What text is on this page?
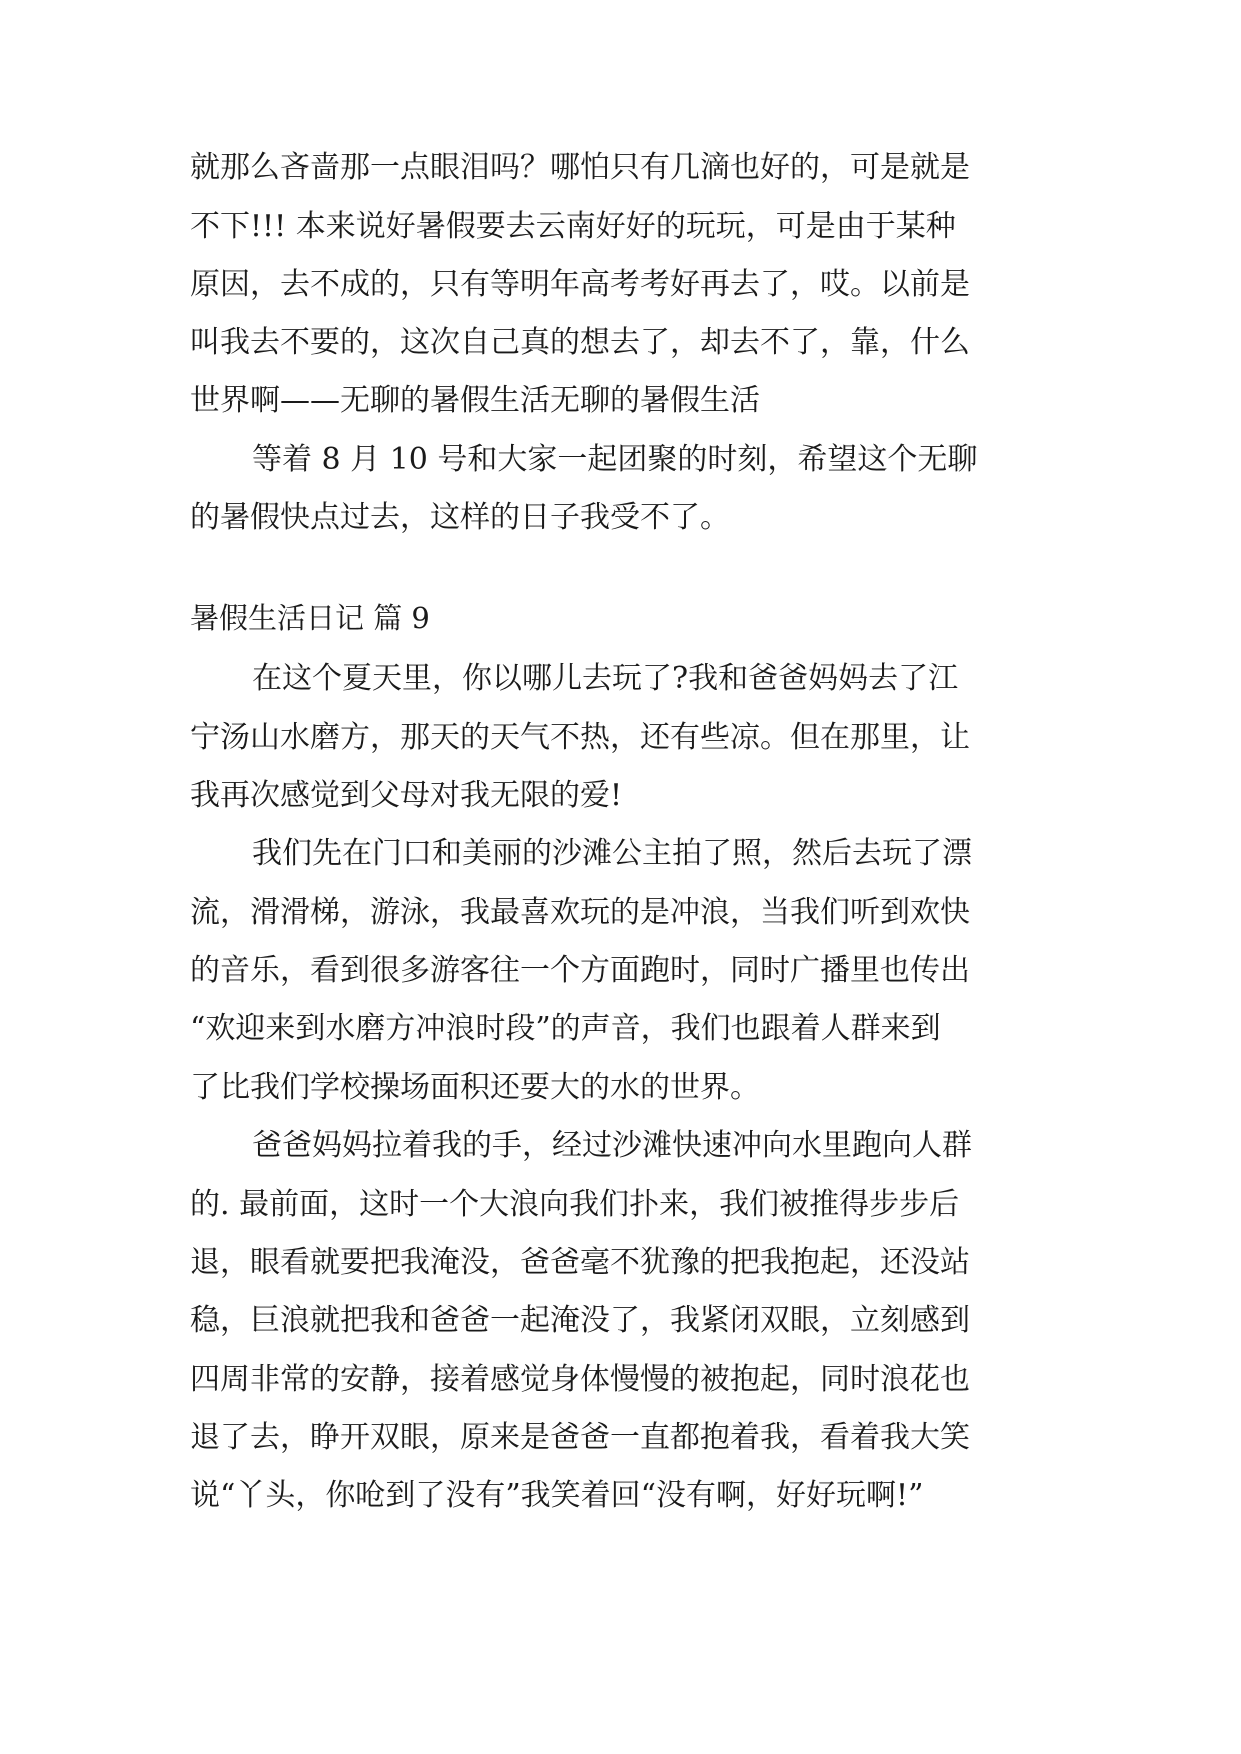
就那么吝啬那一点眼泪吗？哪怕只有几滴也好的，可是就是

不下!!! 本来说好暑假要去云南好好的玩玩，可是由于某种

原因，去不成的，只有等明年高考考好再去了，哎。以前是

叫我去不要的，这次自己真的想去了，却去不了，靠，什么

世界啊——无聊的暑假生活无聊的暑假生活

等着 8 月 10 号和大家一起团聚的时刻，希望这个无聊

的暑假快点过去，这样的日子我受不了。

暑假生活日记 篇 9

在这个夏天里，你以哪儿去玩了?我和爸爸妈妈去了江

宁汤山水磨方，那天的天气不热，还有些凉。但在那里，让

我再次感觉到父母对我无限的爱!

我们先在门口和美丽的沙滩公主拍了照，然后去玩了漂

流，滑滑梯，游泳，我最喜欢玩的是冲浪，当我们听到欢快

的音乐，看到很多游客往一个方面跑时，同时广播里也传出

“欢迎来到水磨方冲浪时段”的声音，我们也跟着人群来到

了比我们学校操场面积还要大的水的世界。

爸爸妈妈拉着我的手，经过沙滩快速冲向水里跑向人群

的. 最前面，这时一个大浪向我们扑来，我们被推得步步后

退，眼看就要把我淹没，爸爸毫不犹豫的把我抱起，还没站

稳，巨浪就把我和爸爸一起淹没了，我紧闭双眼，立刻感到

四周非常的安静，接着感觉身体慢慢的被抱起，同时浪花也

退了去，睁开双眼，原来是爸爸一直都抱着我，看着我大笑

说“丫头，你呛到了没有”我笑着回“没有啊，好好玩啊!”
